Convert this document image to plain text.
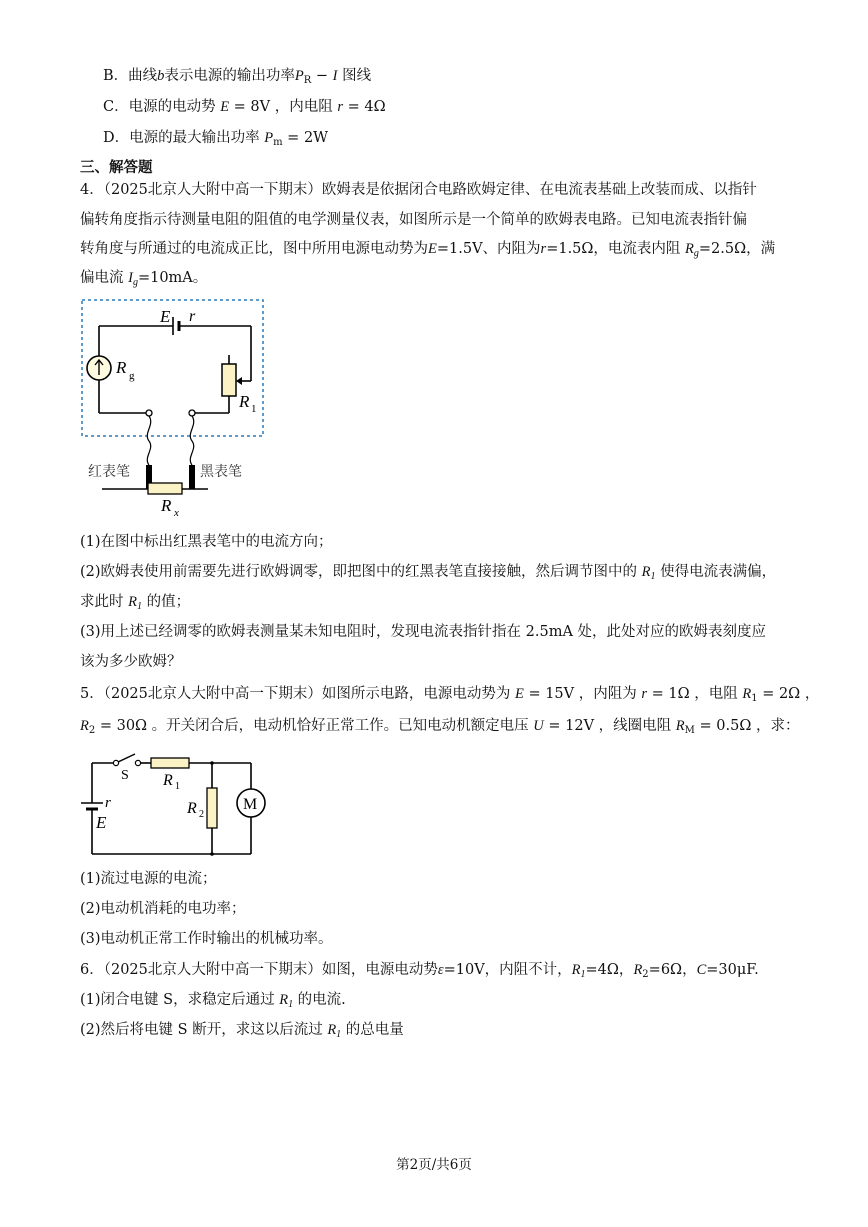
B．曲线b表示电源的输出功率$P_R - I$ 图线
C．电源的电动势 E = 8V ，内电阻 r = 4Ω
D．电源的最大输出功率 $P_m = 2W$
三、解答题
4．（2025北京人大附中高一下期末）欧姆表是依据闭合电路欧姆定律、在电流表基础上改装而成、以指针
偏转角度指示待测量电阻的阻值的电学测量仪表，如图所示是一个简单的欧姆表电路。已知电流表指针偏
转角度与所通过的电流成正比，图中所用电源电动势为E=1.5V、内阻为r=1.5Ω，电流表内阻 $R_g=2.5\Omega$，满
偏电流 $I_g=10mA$。
E r
R g
R 1
红表笔	黑表笔
R x
(1)在图中标出红黑表笔中的电流方向；
(2)欧姆表使用前需要先进行欧姆调零，即把图中的红黑表笔直接接触，然后调节图中的 $R_1$ 使得电流表满偏，
求此时 $R_1$ 的值；
(3)用上述已经调零的欧姆表测量某未知电阻时，发现电流表指针指在 2.5mA 处，此处对应的欧姆表刻度应
该为多少欧姆？
5．（2025北京人大附中高一下期末）如图所示电路，电源电动势为 E = 15V ，内阻为 r = 1Ω ，电阻 $R_1 = 2\Omega$ ，
$R_2 = 30\Omega$ 。开关闭合后，电动机恰好正常工作。已知电动机额定电压 U = 12V ，线圈电阻 $R_M = 0.5\Omega$ ，求：
S R 1
R 2
M
r
E
(1)流过电源的电流；
(2)电动机消耗的电功率；
(3)电动机正常工作时输出的机械功率。
6．（2025北京人大附中高一下期末）如图，电源电动势ε=10V，内阻不计，$R_1=4\Omega$，$R_2=6\Omega$，C=30μF.
(1)闭合电键 S，求稳定后通过 $R_1$ 的电流.
(2)然后将电键 S 断开，求这以后流过 $R_1$ 的总电量
第2页/共6页
